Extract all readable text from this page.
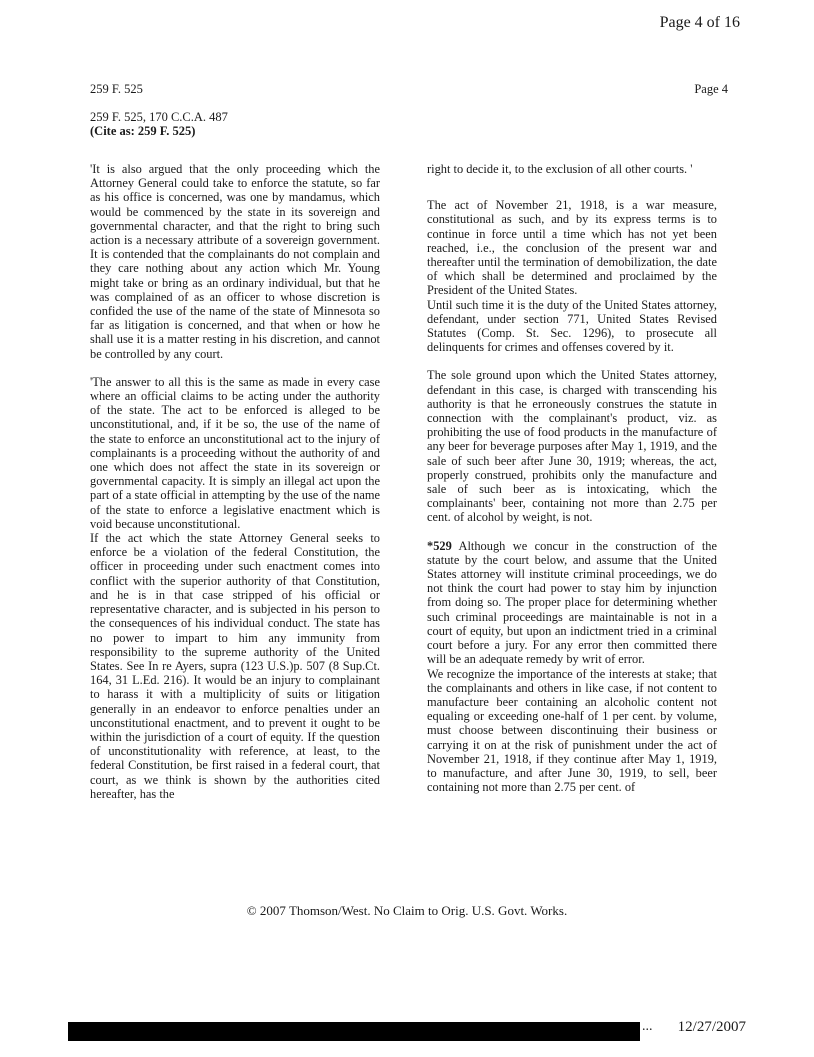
Page 4 of 16
259 F. 525	Page 4
259 F. 525, 170 C.C.A. 487
(Cite as: 259 F. 525)

'It is also argued that the only proceeding which the Attorney General could take to enforce the statute, so far as his office is concerned, was one by mandamus, which would be commenced by the state in its sovereign and governmental character, and that the right to bring such action is a necessary attribute of a sovereign government. It is contended that the complainants do not complain and they care nothing about any action which Mr. Young might take or bring as an ordinary individual, but that he was complained of as an officer to whose discretion is confided the use of the name of the state of Minnesota so far as litigation is concerned, and that when or how he shall use it is a matter resting in his discretion, and cannot be controlled by any court.

'The answer to all this is the same as made in every case where an official claims to be acting under the authority of the state. The act to be enforced is alleged to be unconstitutional, and, if it be so, the use of the name of the state to enforce an unconstitutional act to the injury of complainants is a proceeding without the authority of and one which does not affect the state in its sovereign or governmental capacity. It is simply an illegal act upon the part of a state official in attempting by the use of the name of the state to enforce a legislative enactment which is void because unconstitutional.

If the act which the state Attorney General seeks to enforce be a violation of the federal Constitution, the officer in proceeding under such enactment comes into conflict with the superior authority of that Constitution, and he is in that case stripped of his official or representative character, and is subjected in his person to the consequences of his individual conduct. The state has no power to impart to him any immunity from responsibility to the supreme authority of the United States. See In re Ayers, supra (123 U.S.)p. 507 (8 Sup.Ct. 164, 31 L.Ed. 216). It would be an injury to complainant to harass it with a multiplicity of suits or litigation generally in an endeavor to enforce penalties under an unconstitutional enactment, and to prevent it ought to be within the jurisdiction of a court of equity. If the question of unconstitutionality with reference, at least, to the federal Constitution, be first raised in a federal court, that court, as we think is shown by the authorities cited hereafter, has the

right to decide it, to the exclusion of all other courts. '

The act of November 21, 1918, is a war measure, constitutional as such, and by its express terms is to continue in force until a time which has not yet been reached, i.e., the conclusion of the present war and thereafter until the termination of demobilization, the date of which shall be determined and proclaimed by the President of the United States.

Until such time it is the duty of the United States attorney, defendant, under section 771, United States Revised Statutes (Comp. St. Sec. 1296), to prosecute all delinquents for crimes and offenses covered by it.

The sole ground upon which the United States attorney, defendant in this case, is charged with transcending his authority is that he erroneously construes the statute in connection with the complainant's product, viz. as prohibiting the use of food products in the manufacture of any beer for beverage purposes after May 1, 1919, and the sale of such beer after June 30, 1919; whereas, the act, properly construed, prohibits only the manufacture and sale of such beer as is intoxicating, which the complainants' beer, containing not more than 2.75 per cent. of alcohol by weight, is not.

*529 Although we concur in the construction of the statute by the court below, and assume that the United States attorney will institute criminal proceedings, we do not think the court had power to stay him by injunction from doing so. The proper place for determining whether such criminal proceedings are maintainable is not in a court of equity, but upon an indictment tried in a criminal court before a jury. For any error then committed there will be an adequate remedy by writ of error.

We recognize the importance of the interests at stake; that the complainants and others in like case, if not content to manufacture beer containing an alcoholic content not equaling or exceeding one-half of 1 per cent. by volume, must choose between discontinuing their business or carrying it on at the risk of punishment under the act of November 21, 1918, if they continue after May 1, 1919, to manufacture, and after June 30, 1919, to sell, beer containing not more than 2.75 per cent. of

© 2007 Thomson/West. No Claim to Orig. U.S. Govt. Works.
... 12/27/2007
